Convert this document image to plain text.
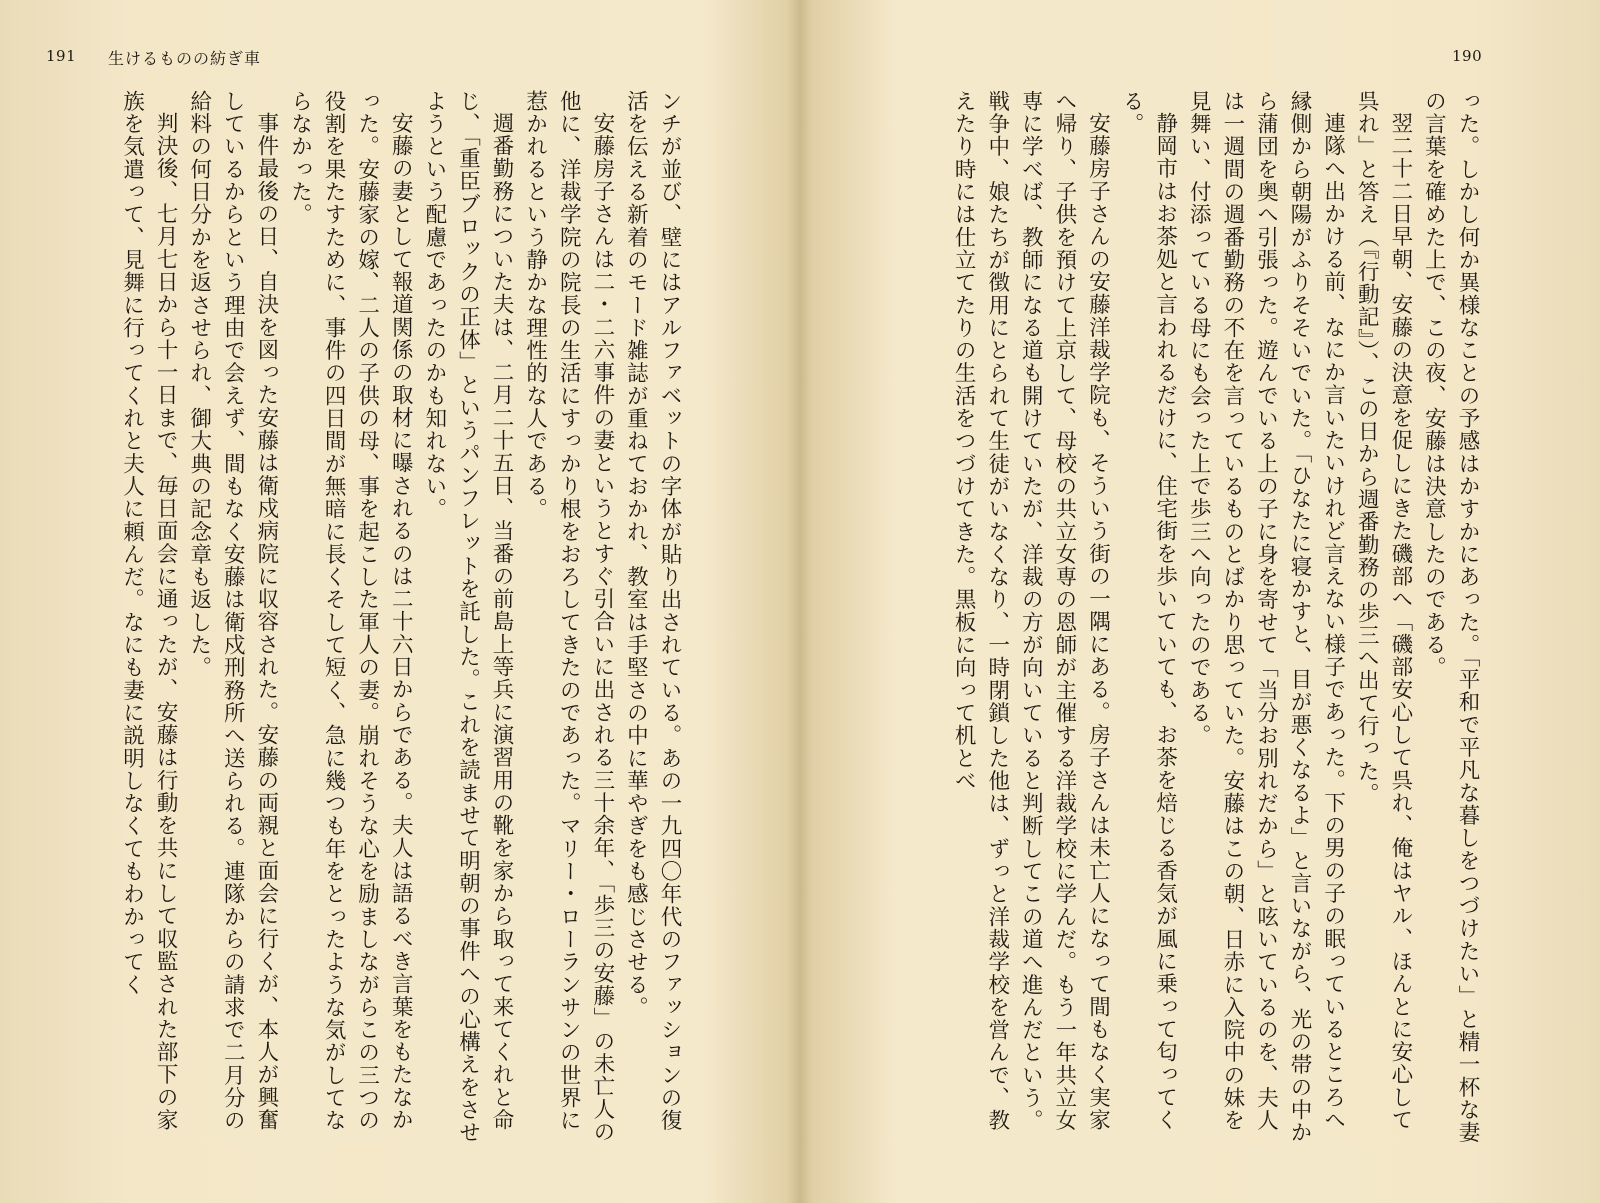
190

った。しかし何か異様なことの予感はかすかにあった。「平和で平凡な暮しをつづけたい」と精一杯な妻の言葉を確めた上で、この夜、安藤は決意したのである。

翌二十二日早朝、安藤の決意を促しにきた磯部へ「磯部安心して呉れ、俺はヤル、ほんとに安心して呉れ」と答え（『行動記』）、この日から週番勤務の歩三へ出て行った。

連隊へ出かける前、なにか言いたいけれど言えない様子であった。下の男の子の眠っているところへ縁側から朝陽がふりそそいでいた。「ひなたに寝かすと、目が悪くなるよ」と言いながら、光の帯の中から蒲団を奥へ引張った。遊んでいる上の子に身を寄せて「当分お別れだから」と呟いているのを、夫人は一週間の週番勤務の不在を言っているものとばかり思っていた。安藤はこの朝、日赤に入院中の妹を見舞い、付添っている母にも会った上で歩三へ向ったのである。

静岡市はお茶処と言われるだけに、住宅街を歩いていても、お茶を焙じる香気が風に乗って匂ってくる。

安藤房子さんの安藤洋裁学院も、そういう街の一隅にある。房子さんは未亡人になって間もなく実家へ帰り、子供を預けて上京して、母校の共立女専の恩師が主催する洋裁学校に学んだ。もう一年共立女専に学べば、教師になる道も開けていたが、洋裁の方が向いていると判断してこの道へ進んだという。戦争中、娘たちが徴用にとられて生徒がいなくなり、一時閉鎖した他は、ずっと洋裁学校を営んで、教えたり時には仕立てたりの生活をつづけてきた。黒板に向って机とべ

191 生けるものの紡ぎ車

ンチが並び、壁にはアルファベットの字体が貼り出されている。あの一九四〇年代のファッションの復活を伝える新着のモード雑誌が重ねておかれ、教室は手堅さの中に華やぎをも感じさせる。

安藤房子さんは二・二六事件の妻というとすぐ引合いに出される三十余年、「歩三の安藤」の未亡人の他に、洋裁学院の院長の生活にすっかり根をおろしてきたのであった。マリー・ローランサンの世界に惹かれるという静かな理性的な人である。

週番勤務についた夫は、二月二十五日、当番の前島上等兵に演習用の靴を家から取って来てくれと命じ、「重臣ブロックの正体」というパンフレットを託した。これを読ませて明朝の事件への心構えをさせようという配慮であったのかも知れない。

安藤の妻として報道関係の取材に曝されるのは二十六日からである。夫人は語るべき言葉をもたなかった。安藤家の嫁、二人の子供の母、事を起こした軍人の妻。崩れそうな心を励ましながらこの三つの役割を果たすために、事件の四日間が無暗に長くそして短く、急に幾つも年をとったような気がしてならなかった。

事件最後の日、自決を図った安藤は衛戍病院に収容された。安藤の両親と面会に行くが、本人が興奮しているからという理由で会えず、間もなく安藤は衛戍刑務所へ送られる。連隊からの請求で二月分の給料の何日分かを返させられ、御大典の記念章も返した。

判決後、七月七日から十一日まで、毎日面会に通ったが、安藤は行動を共にして収監された部下の家族を気遣って、見舞に行ってくれと夫人に頼んだ。なにも妻に説明しなくてもわかってく
